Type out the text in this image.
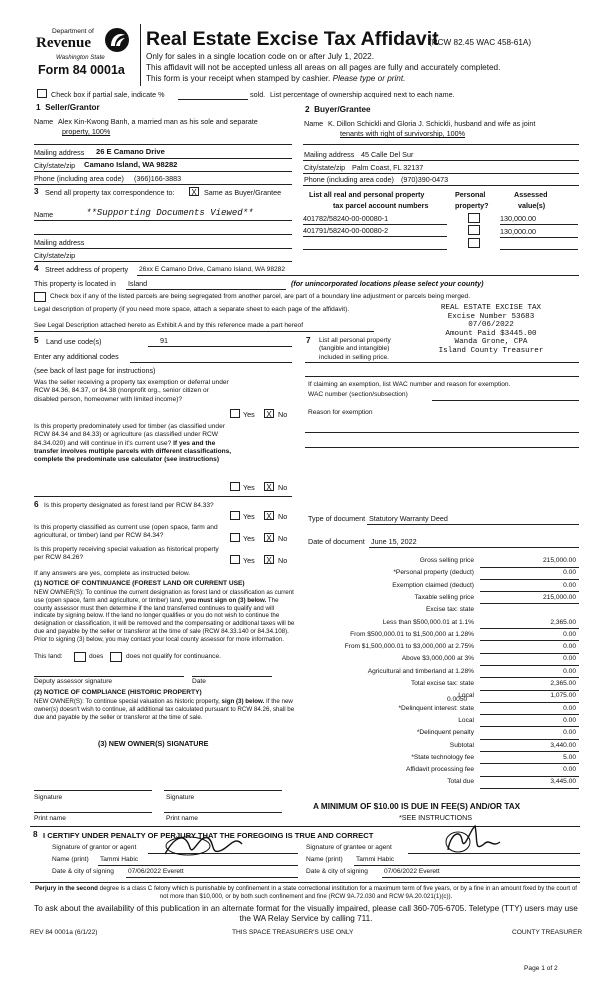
Department of
Revenue
Washington State
Form 84 0001a
Real Estate Excise Tax Affidavit
(RCW 82.45 WAC 458-61A)
Only for sales in a single location code on or after July 1, 2022.
This affidavit will not be accepted unless all areas on all pages are fully and accurately completed.
This form is your receipt when stamped by cashier. Please type or print.
Check box if partial sale, indicate %	sold. List percentage of ownership acquired next to each name.
1 Seller/Grantor
Name Alex Kin-Kwong Banh, a married man as his sole and separate
property, 100%
Mailing address 26 E Camano Drive
City/state/zip Camano Island, WA 98282
Phone (including area code) (366)166-3883
2 Buyer/Grantee
Name K. Dillon Schickli and Gloria J. Schickli, husband and wife as joint
tenants with right of survivorship, 100%
Mailing address 45 Calle Del Sur
City/state/zip Palm Coast, FL 32137
Phone (including area code) (970)390-0473
3 Send all property tax correspondence to: X	Same as Buyer/Grantee
Name	**Supporting Documents Viewed**
Mailing address
City/state/zip
List all real and personal property
tax parcel account numbers
Personal
property?
Assessed
value(s)
401782/58240-00-00080-1	130,000.00
401791/58240-00-00080-2	130,000.00
4 Street address of property 26xx E Camano Drive, Camano Island, WA 98282
This property is located in Island	(for unincorporated locations please select your county)
Check box if any of the listed parcels are being segregated from another parcel, are part of a boundary line adjustment or parcels being merged.
Legal description of property (if you need more space, attach a separate sheet to each page of the affidavit).
See Legal Description attached hereto as Exhibit A and by this reference made a part hereof
REAL ESTATE EXCISE TAX
Excise Number 53683
07/06/2022
Amount Paid $3445.00
Wanda Grone, CPA
Island County Treasurer
5 Land use code(s)	91
Enter any additional codes
(see back of last page for instructions)
Was the seller receiving a property tax exemption or deferral under RCW 84.36, 84.37, or 84.38 (nonprofit org., senior citizen or disabled person, homeowner with limited income)?
Yes X No
Is this property predominately used for timber (as classified under RCW 84.34 and 84.33) or agriculture (as classified under RCW 84.34.020) and will continue in it's current use? If yes and the transfer involves multiple parcels with different classifications, complete the predominate use calculator (see instructions)
Yes X No
7 List all personal property (tangible and intangible) included in selling price.
If claiming an exemption, list WAC number and reason for exemption.
WAC number (section/subsection)
Reason for exemption
Type of document Statutory Warranty Deed
Date of document June 15, 2022
6 Is this property designated as forest land per RCW 84.33?
Yes X No
Is this property classified as current use (open space, farm and agricultural, or timber) land per RCW 84.34?	Yes X No
Is this property receiving special valuation as historical property per RCW 84.26?	Yes X No
If any answers are yes, complete as instructed below.
(1) NOTICE OF CONTINUANCE (FOREST LAND OR CURRENT USE)
NEW OWNER(S): To continue the current designation as forest land or classification as current use (open space, farm and agriculture, or timber) land, you must sign on (3) below. The county assessor must then determine if the land transferred continues to qualify and will indicate by signing below. If the land no longer qualifies or you do not wish to continue the designation or classification, it will be removed and the compensating or additional taxes will be due and payable by the seller or transferor at the time of sale (RCW 84.33.140 or 84.34.108). Prior to signing (3) below, you may contact your local county assessor for more information.
This land:	does	does not qualify for continuance.
Deputy assessor signature	Date
(2) NOTICE OF COMPLIANCE (HISTORIC PROPERTY)
NEW OWNER(S): To continue special valuation as historic property, sign (3) below. If the new owner(s) doesn't wish to continue, all additional tax calculated pursuant to RCW 84.26, shall be due and payable by the seller or transferor at the time of sale.
(3) NEW OWNER(S) SIGNATURE
Signature	Signature
Print name	Print name
Gross selling price	215,000.00
*Personal property (deduct)	0.00
Exemption claimed (deduct)	0.00
Taxable selling price	215,000.00
Excise tax: state
Less than $500,000.01 at 1.1%	2,365.00
From $500,000.01 to $1,500,000 at 1.28%	0.00
From $1,500,000.01 to $3,000,000 at 2.75%	0.00
Above $3,000,000 at 3%	0.00
Agricultural and timberland at 1.28%	0.00
Total excise tax: state	2,365.00
Local	1,075.00
*Delinquent interest: state	0.00
Local	0.00
*Delinquent penalty	0.00
Subtotal	3,440.00
*State technology fee	5.00
Affidavit processing fee	0.00
Total due	3,445.00
0.0050
A MINIMUM OF $10.00 IS DUE IN FEE(S) AND/OR TAX
*SEE INSTRUCTIONS
8 I CERTIFY UNDER PENALTY OF PERJURY THAT THE FOREGOING IS TRUE AND CORRECT
Signature of grantor or agent
Name (print) Tammi Habic
Date & city of signing 07/06/2022 Everett
Signature of grantee or agent
Name (print) Tammi Habic
Date & city of signing 07/06/2022 Everett
Perjury in the second degree is a class C felony which is punishable by confinement in a state correctional institution for a maximum term of five years, or by a fine in an amount fixed by the court of not more than $10,000, or by both such confinement and fine (RCW 9A.72.030 and RCW 9A.20.021(1)(c)).
To ask about the availability of this publication in an alternate format for the visually impaired, please call 360-705-6705. Teletype (TTY) users may use the WA Relay Service by calling 711.
REV 84 0001a (6/1/22)	THIS SPACE TREASURER'S USE ONLY	COUNTY TREASURER
Page 1 of 2
